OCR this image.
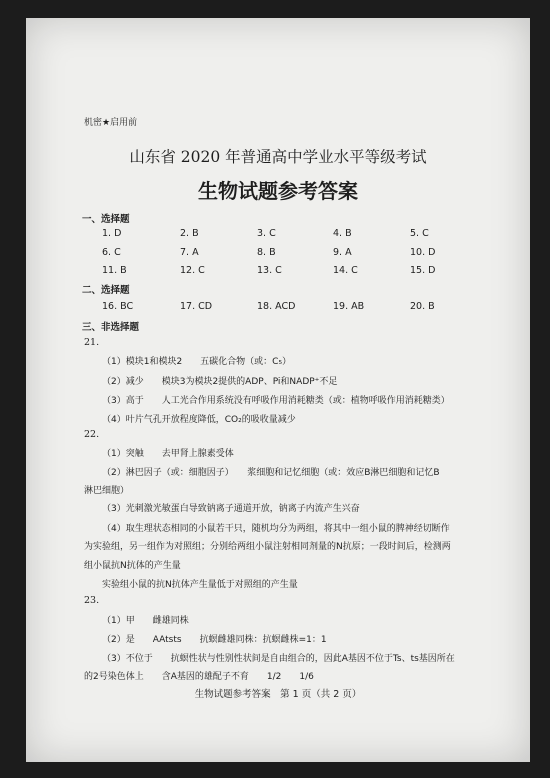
机密★启用前
山东省 2020 年普通高中学业水平等级考试
生物试题参考答案
一、选择题
1. D	2. B	3. C	4. B	5. C
6. C	7. A	8. B	9. A	10. D
11. B	12. C	13. C	14. C	15. D
二、选择题
16. BC	17. CD	18. ACD	19. AB	20. B
三、非选择题
21.
（1）模块1和模块2　　五碳化合物（或：C₅）
（2）减少　　模块3为模块2提供的ADP、Pi和NADP⁺不足
（3）高于　　人工光合作用系统没有呼吸作用消耗糖类（或：植物呼吸作用消耗糖类）
（4）叶片气孔开放程度降低，CO₂的吸收量减少
22.
（1）突触　　去甲肾上腺素受体
（2）淋巴因子（或：细胞因子）　　浆细胞和记忆细胞（或：效应B淋巴细胞和记忆B
淋巴细胞）
（3）光刺激光敏蛋白导致钠离子通道开放，钠离子内流产生兴奋
（4）取生理状态相同的小鼠若干只，随机均分为两组，将其中一组小鼠的脾神经切断作
为实验组，另一组作为对照组；分别给两组小鼠注射相同剂量的N抗原；一段时间后，检测两
组小鼠抗N抗体的产生量
实验组小鼠的抗N抗体产生量低于对照组的产生量
23.
（1）甲　　雌雄同株
（2）是　　AAtsts　　抗螟雌雄同株：抗螟雌株=1：1
（3）不位于　　抗螟性状与性别性状间是自由组合的，因此A基因不位于Ts、ts基因所在
的2号染色体上　　含A基因的雄配子不育　　1/2　　1/6
生物试题参考答案　第 1 页（共 2 页）
